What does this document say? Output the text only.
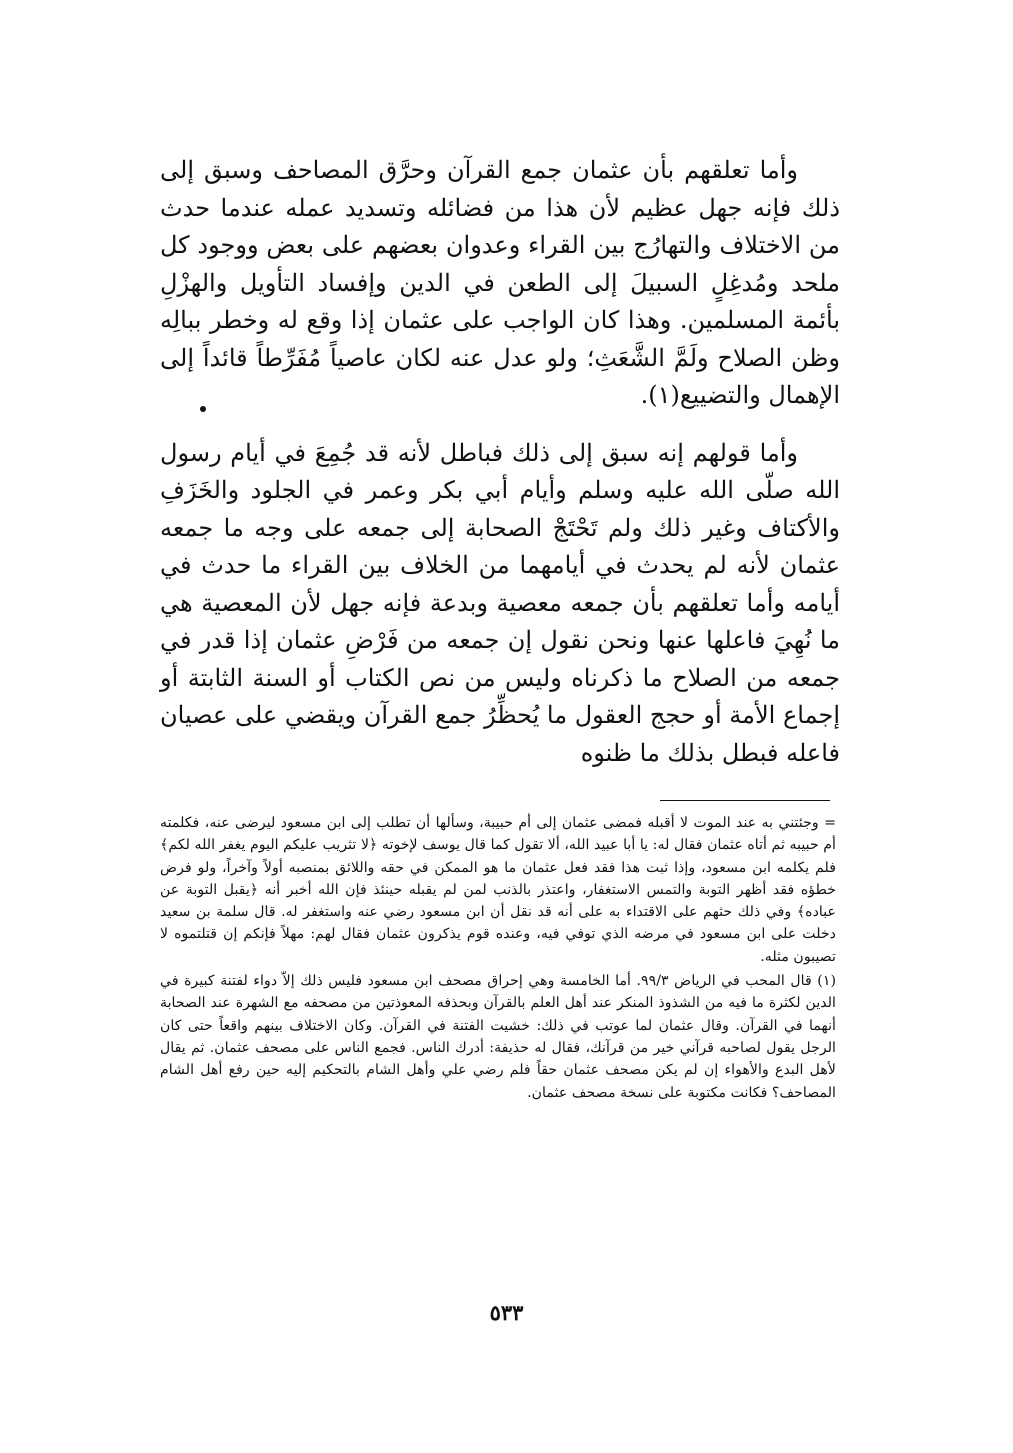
وأما تعلقهم بأن عثمان جمع القرآن وحرَّق المصاحف وسبق إلى ذلك فإنه جهل عظيم لأن هذا من فضائله وتسديد عمله عندما حدث من الاختلاف والتهارُج بين القراء وعدوان بعضهم على بعض ووجود كل ملحد ومُدغِلٍ السبيلَ إلى الطعن في الدين وإفساد التأويل والهزْلِ بأئمة المسلمين. وهذا كان الواجب على عثمان إذا وقع له وخطر ببالِه وظن الصلاح ولَمَّ الشَّعَثِ؛ ولو عدل عنه لكان عاصياً مُفَرِّطاً قائداً إلى الإهمال والتضييع(١).

وأما قولهم إنه سبق إلى ذلك فباطل لأنه قد جُمِعَ في أيام رسول الله صلّى الله عليه وسلم وأيام أبي بكر وعمر في الجلود والخَزَفِ والأكتاف وغير ذلك ولم تَحْتَجْ الصحابة إلى جمعه على وجه ما جمعه عثمان لأنه لم يحدث في أيامهما من الخلاف بين القراء ما حدث في أيامه وأما تعلقهم بأن جمعه معصية وبدعة فإنه جهل لأن المعصية هي ما نُهِيَ فاعلها عنها ونحن نقول إن جمعه من فَرْضِ عثمان إذا قدر في جمعه من الصلاح ما ذكرناه وليس من نص الكتاب أو السنة الثابتة أو إجماع الأمة أو حجج العقول ما يُحظِّرُ جمع القرآن ويقضي على عصيان فاعله فبطل بذلك ما ظنوه

= وجئتني به عند الموت لا أقبله فمضى عثمان إلى أم حبيبة، وسألها أن تطلب إلى ابن مسعود ليرضى عنه، فكلمته أم حبيبه ثم أتاه عثمان فقال له: يا أبا عبيد الله، ألا تقول كما قال يوسف لإخوته ﴿لا تثريب عليكم اليوم يغفر الله لكم﴾ فلم يكلمه ابن مسعود، وإذا ثبت هذا فقد فعل عثمان ما هو الممكن في حقه واللائق بمنصبه أولاً وآخراً، ولو فرض خطؤه فقد أظهر التوبة والتمس الاستغفار، واعتذر بالذنب لمن لم يقبله حينئذ فإن الله أخبر أنه ﴿يقبل التوبة عن عباده﴾ وفي ذلك حثهم على الاقتداء به على أنه قد نقل أن ابن مسعود رضي عنه واستغفر له. قال سلمة بن سعيد دخلت على ابن مسعود في مرضه الذي توفي فيه، وعنده قوم يذكرون عثمان فقال لهم: مهلاً فإنكم إن قتلتموه لا تصيبون مثله.

(١) قال المحب في الرياض ٩٩/٣. أما الخامسة وهي إحراق مصحف ابن مسعود فليس ذلك إلاّ دواء لفتنة كبيرة في الدين لكثرة ما فيه من الشذوذ المنكر عند أهل العلم بالقرآن وبحذفه المعوذتين من مصحفه مع الشهرة عند الصحابة أنهما في القرآن. وقال عثمان لما عوتب في ذلك: خشيت الفتنة في القرآن. وكان الاختلاف بينهم واقعاً حتى كان الرجل يقول لصاحبه قرآني خير من قرآنك، فقال له حذيفة: أدرك الناس. فجمع الناس على مصحف عثمان. ثم يقال لأهل البدع والأهواء إن لم يكن مصحف عثمان حقاً فلم رضي علي وأهل الشام بالتحكيم إليه حين رفع أهل الشام المصاحف؟ فكانت مكتوبة على نسخة مصحف عثمان.

٥٣٣
